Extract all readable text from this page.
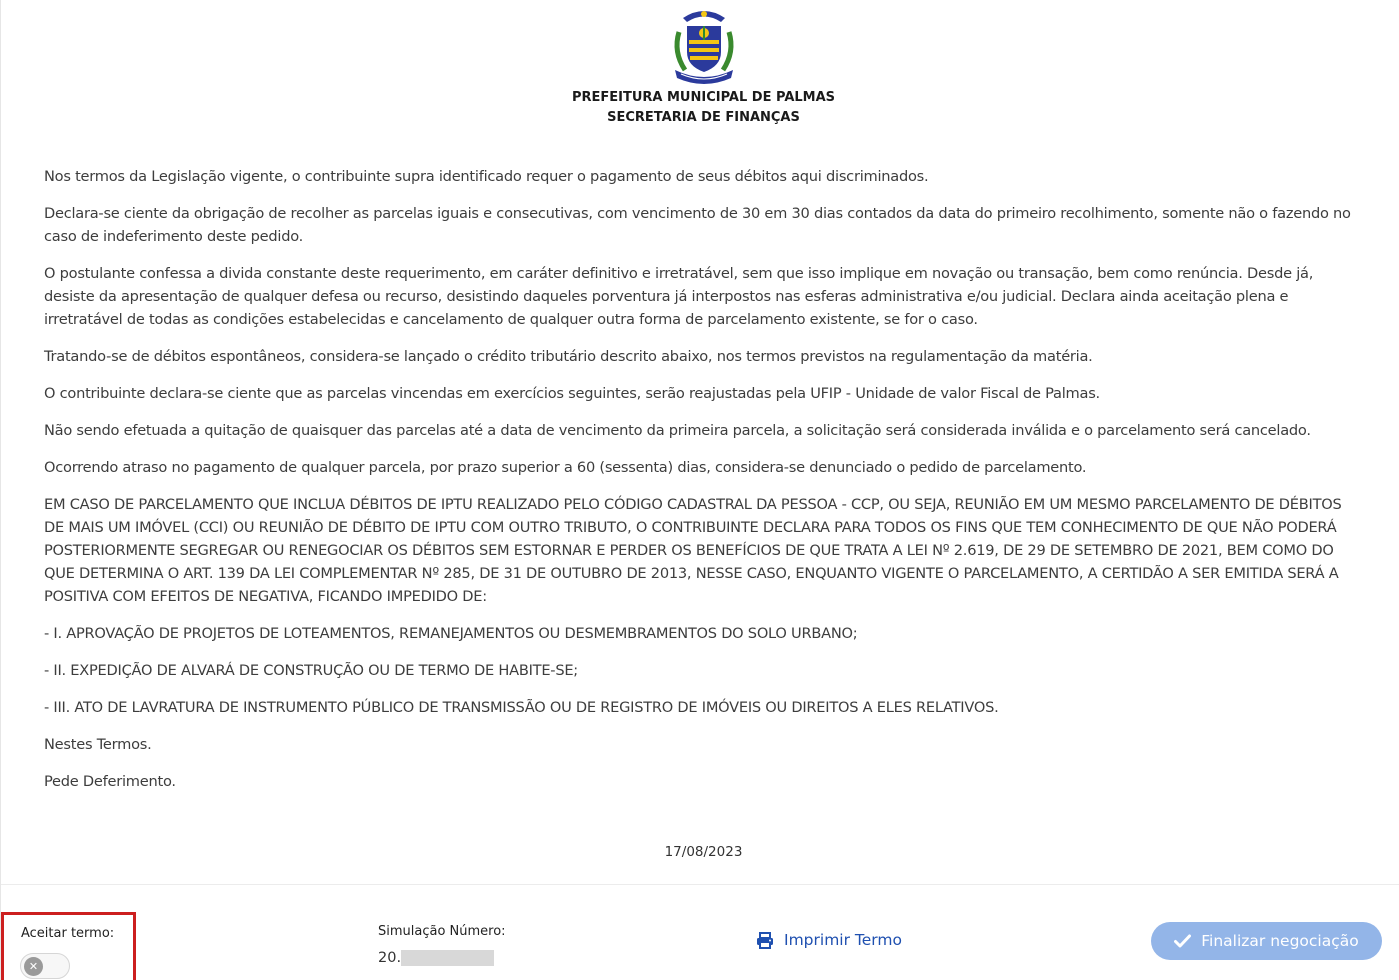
PREFEITURA MUNICIPAL DE PALMAS
SECRETARIA DE FINANÇAS

Nos termos da Legislação vigente, o contribuinte supra identificado requer o pagamento de seus débitos aqui discriminados.

Declara-se ciente da obrigação de recolher as parcelas iguais e consecutivas, com vencimento de 30 em 30 dias contados da data do primeiro recolhimento, somente não o fazendo no caso de indeferimento deste pedido.

O postulante confessa a divida constante deste requerimento, em caráter definitivo e irretratável, sem que isso implique em novação ou transação, bem como renúncia. Desde já, desiste da apresentação de qualquer defesa ou recurso, desistindo daqueles porventura já interpostos nas esferas administrativa e/ou judicial. Declara ainda aceitação plena e irretratável de todas as condições estabelecidas e cancelamento de qualquer outra forma de parcelamento existente, se for o caso.

Tratando-se de débitos espontâneos, considera-se lançado o crédito tributário descrito abaixo, nos termos previstos na regulamentação da matéria.

O contribuinte declara-se ciente que as parcelas vincendas em exercícios seguintes, serão reajustadas pela UFIP - Unidade de valor Fiscal de Palmas.

Não sendo efetuada a quitação de quaisquer das parcelas até a data de vencimento da primeira parcela, a solicitação será considerada inválida e o parcelamento será cancelado.

Ocorrendo atraso no pagamento de qualquer parcela, por prazo superior a 60 (sessenta) dias, considera-se denunciado o pedido de parcelamento.

EM CASO DE PARCELAMENTO QUE INCLUA DÉBITOS DE IPTU REALIZADO PELO CÓDIGO CADASTRAL DA PESSOA - CCP, OU SEJA, REUNIÃO EM UM MESMO PARCELAMENTO DE DÉBITOS DE MAIS UM IMÓVEL (CCI) OU REUNIÃO DE DÉBITO DE IPTU COM OUTRO TRIBUTO, O CONTRIBUINTE DECLARA PARA TODOS OS FINS QUE TEM CONHECIMENTO DE QUE NÃO PODERÁ POSTERIORMENTE SEGREGAR OU RENEGOCIAR OS DÉBITOS SEM ESTORNAR E PERDER OS BENEFÍCIOS DE QUE TRATA A LEI Nº 2.619, DE 29 DE SETEMBRO DE 2021, BEM COMO DO QUE DETERMINA O ART. 139 DA LEI COMPLEMENTAR Nº 285, DE 31 DE OUTUBRO DE 2013, NESSE CASO, ENQUANTO VIGENTE O PARCELAMENTO, A CERTIDÃO A SER EMITIDA SERÁ A POSITIVA COM EFEITOS DE NEGATIVA, FICANDO IMPEDIDO DE:

- I. APROVAÇÃO DE PROJETOS DE LOTEAMENTOS, REMANEJAMENTOS OU DESMEMBRAMENTOS DO SOLO URBANO;

- II. EXPEDIÇÃO DE ALVARÁ DE CONSTRUÇÃO OU DE TERMO DE HABITE-SE;

- III. ATO DE LAVRATURA DE INSTRUMENTO PÚBLICO DE TRANSMISSÃO OU DE REGISTRO DE IMÓVEIS OU DIREITOS A ELES RELATIVOS.

Nestes Termos.

Pede Deferimento.

17/08/2023
Aceitar termo:
✕
Simulação Número:
20.
Imprimir Termo	Finalizar negociação
